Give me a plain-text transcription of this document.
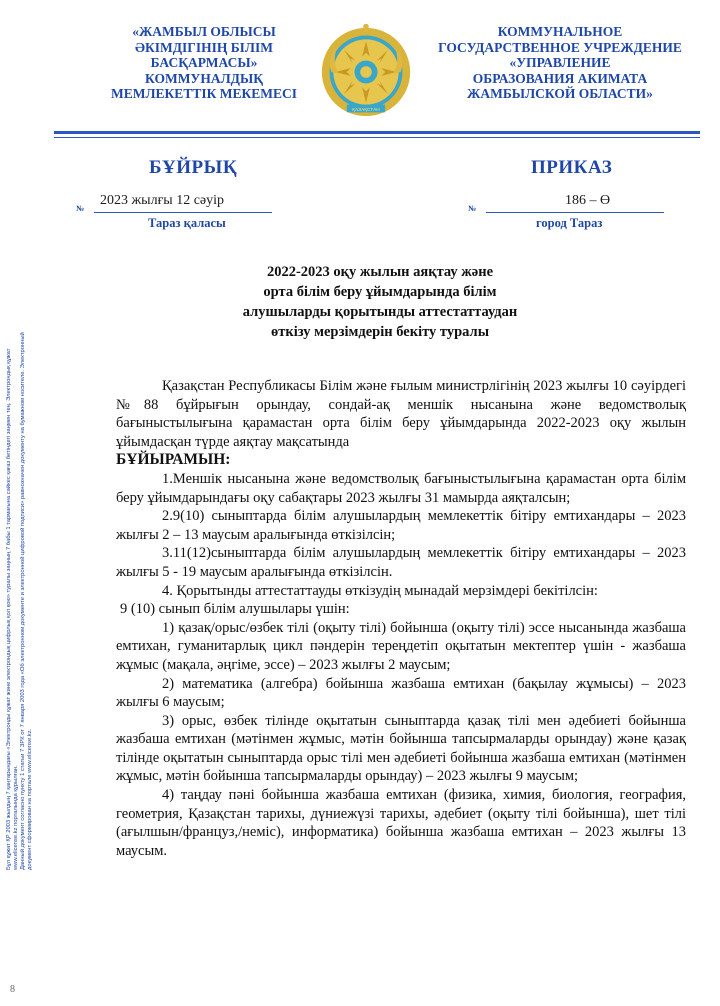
«ЖАМБЫЛ ОБЛЫСЫ
ӘКІМДІГІНІҢ БІЛІМ
БАСҚАРМАСЫ»
КОММУНАЛДЫҚ
МЕМЛЕКЕТТІК МЕКЕМЕСІ
ҚАЗАҚСТАН
КОММУНАЛЬНОЕ
ГОСУДАРСТВЕННОЕ УЧРЕЖДЕНИЕ
«УПРАВЛЕНИЕ
ОБРАЗОВАНИЯ АКИМАТА
ЖАМБЫЛСКОЙ ОБЛАСТИ»
БҰЙРЫҚ	ПРИКАЗ
№
2023 жылғы 12 сәуір
№
186 – Ө
Тараз қаласы	город Тараз
2022-2023 оқу жылын аяқтау және
орта білім беру ұйымдарында білім
алушыларды қорытынды аттестаттаудан
өткізу мерзімдерін бекіту туралы
Бұл құжат ҚР 2003 жылдың 7 қаңтарындағы «Электронды құжат және электрондық цифрлық қол қою» туралы заңның 7 бабы 1 тармағына сәйкес қағаз бетіндегі заңмен тең. Электрондық құжат www.elicense.kz порталында құрылған. Данный документ согласно пункту 1 статьи 7 ЗРК от 7 января 2003 года «Об электронном документе и электронной цифровой подписи» равнозначен документу на бумажном носителе. Электронный документ сформирован на портале www.elicense.kz.

Қазақстан Республикасы Білім және ғылым министрлігінің 2023 жылғы 10 сәуірдегі №88 бұйрығын орындау, сондай-ақ меншік нысанына және ведомстволық бағыныстылығына қарамастан орта білім беру ұйымдарында 2022-2023 оқу жылын ұйымдасқан түрде аяқтау мақсатында

БҰЙЫРАМЫН:

1.Меншік нысанына және ведомстволық бағыныстылығына қарамастан орта білім беру ұйымдарындағы оқу сабақтары 2023 жылғы 31 мамырда аяқталсын;

2.9(10) сыныптарда білім алушылардың мемлекеттік бітіру емтихандары – 2023 жылғы 2 – 13 маусым аралығында өткізілсін;

3.11(12)сыныптарда білім алушылардың мемлекеттік бітіру емтихандары – 2023 жылғы 5 - 19 маусым аралығында өткізілсін.

4. Қорытынды аттестаттауды өткізудің мынадай мерзімдері бекітілсін:

9 (10) сынып білім алушылары үшін:

1) қазақ/орыс/өзбек тілі (оқыту тілі) бойынша (оқыту тілі) эссе нысанында жазбаша емтихан, гуманитарлық цикл пәндерін тереңдетіп оқытатын мектептер үшін - жазбаша жұмыс (мақала, әңгіме, эссе) – 2023 жылғы 2 маусым;

2) математика (алгебра) бойынша жазбаша емтихан (бақылау жұмысы) – 2023 жылғы 6 маусым;

3) орыс, өзбек тілінде оқытатын сыныптарда қазақ тілі мен әдебиеті бойынша жазбаша емтихан (мәтінмен жұмыс, мәтін бойынша тапсырмаларды орындау) және қазақ тілінде оқытатын сыныптарда орыс тілі мен әдебиеті бойынша жазбаша емтихан (мәтінмен жұмыс, мәтін бойынша тапсырмаларды орындау) – 2023 жылғы 9 маусым;

4) таңдау пәні бойынша жазбаша емтихан (физика, химия, биология, география, геометрия, Қазақстан тарихы, дүниежүзі тарихы, әдебиет (оқыту тілі бойынша), шет тілі (ағылшын/француз,/неміс), информатика) бойынша жазбаша емтихан – 2023 жылғы 13 маусым.

8
